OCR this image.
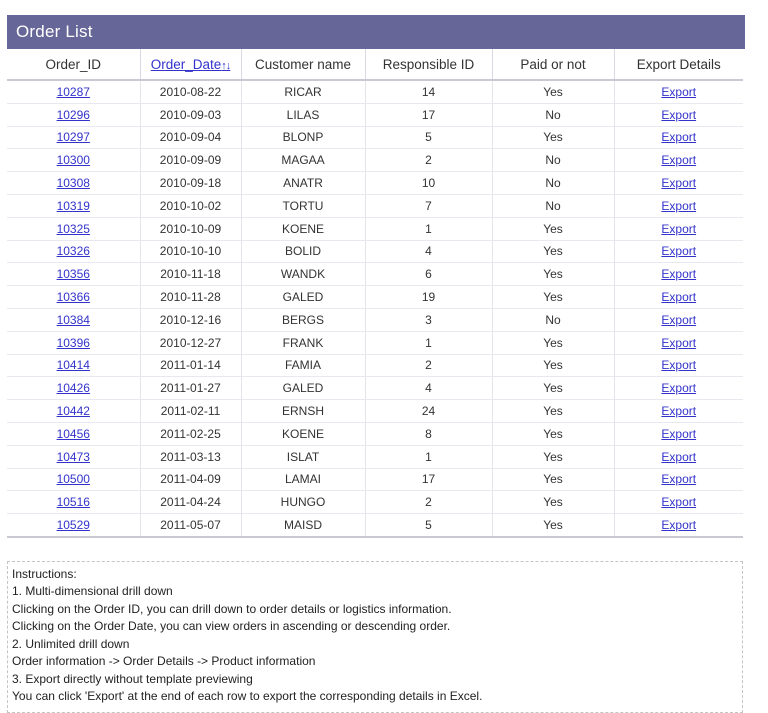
Order List
Order_ID	Order_Date↑↓	Customer name	Responsible ID	Paid or not	Export Details
10287	2010-08-22	RICAR	14	Yes	Export
10296	2010-09-03	LILAS	17	No	Export
10297	2010-09-04	BLONP	5	Yes	Export
10300	2010-09-09	MAGAA	2	No	Export
10308	2010-09-18	ANATR	10	No	Export
10319	2010-10-02	TORTU	7	No	Export
10325	2010-10-09	KOENE	1	Yes	Export
10326	2010-10-10	BOLID	4	Yes	Export
10356	2010-11-18	WANDK	6	Yes	Export
10366	2010-11-28	GALED	19	Yes	Export
10384	2010-12-16	BERGS	3	No	Export
10396	2010-12-27	FRANK	1	Yes	Export
10414	2011-01-14	FAMIA	2	Yes	Export
10426	2011-01-27	GALED	4	Yes	Export
10442	2011-02-11	ERNSH	24	Yes	Export
10456	2011-02-25	KOENE	8	Yes	Export
10473	2011-03-13	ISLAT	1	Yes	Export
10500	2011-04-09	LAMAI	17	Yes	Export
10516	2011-04-24	HUNGO	2	Yes	Export
10529	2011-05-07	MAISD	5	Yes	Export

Instructions:

1. Multi-dimensional drill down

Clicking on the Order ID, you can drill down to order details or logistics information.

Clicking on the Order Date, you can view orders in ascending or descending order.

2. Unlimited drill down

Order information -> Order Details -> Product information

3. Export directly without template previewing

You can click 'Export' at the end of each row to export the corresponding details in Excel.
